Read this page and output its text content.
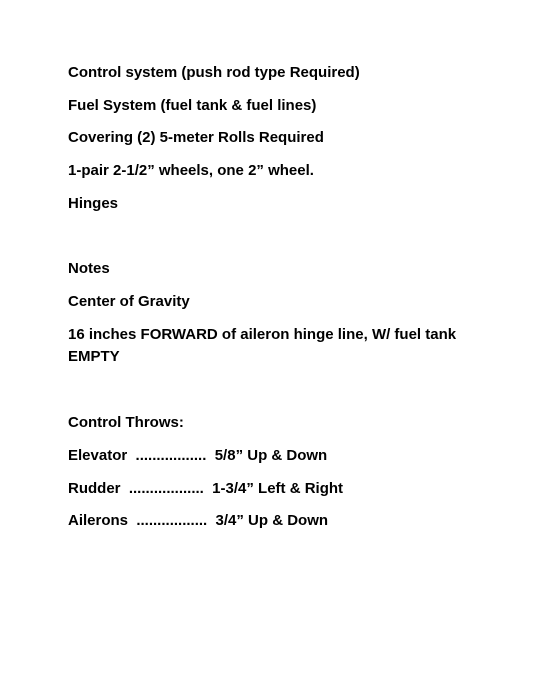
Control system (push rod type Required)
Fuel System (fuel tank & fuel lines)
Covering (2) 5-meter Rolls Required
1-pair 2-1/2” wheels, one 2” wheel.
Hinges
Notes
Center of Gravity
16 inches FORWARD of aileron hinge line, W/ fuel tank EMPTY
Control Throws:
Elevator  .................  5/8” Up & Down
Rudder  ..................  1-3/4” Left & Right
Ailerons  .................  3/4” Up & Down
